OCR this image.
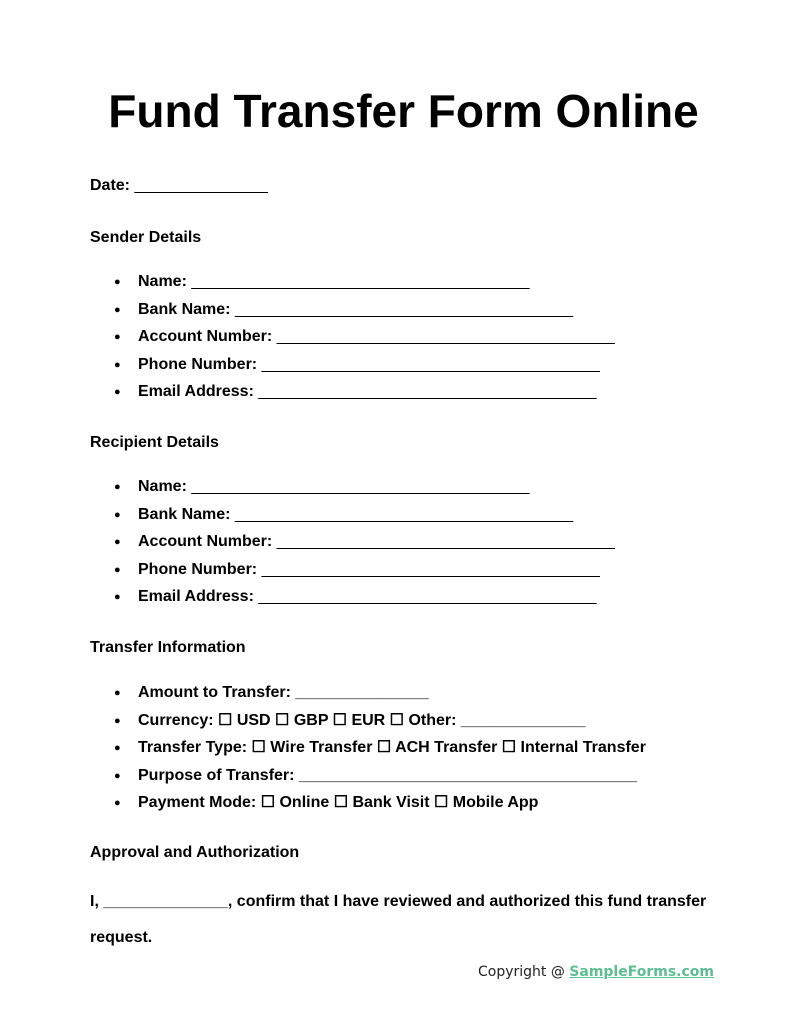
Fund Transfer Form Online
Date: _______________
Sender Details
● Name: ______________________________________
● Bank Name: ______________________________________
● Account Number: ______________________________________
● Phone Number: ______________________________________
● Email Address: ______________________________________
Recipient Details
● Name: ______________________________________
● Bank Name: ______________________________________
● Account Number: ______________________________________
● Phone Number: ______________________________________
● Email Address: ______________________________________
Transfer Information
● Amount to Transfer: _______________
● Currency: ☐ USD ☐ GBP ☐ EUR ☐ Other: ______________
● Transfer Type: ☐ Wire Transfer ☐ ACH Transfer ☐ Internal Transfer
● Purpose of Transfer: ______________________________________
● Payment Mode: ☐ Online ☐ Bank Visit ☐ Mobile App
Approval and Authorization
I, ______________, confirm that I have reviewed and authorized this fund transfer request.
Copyright @ SampleForms.com
